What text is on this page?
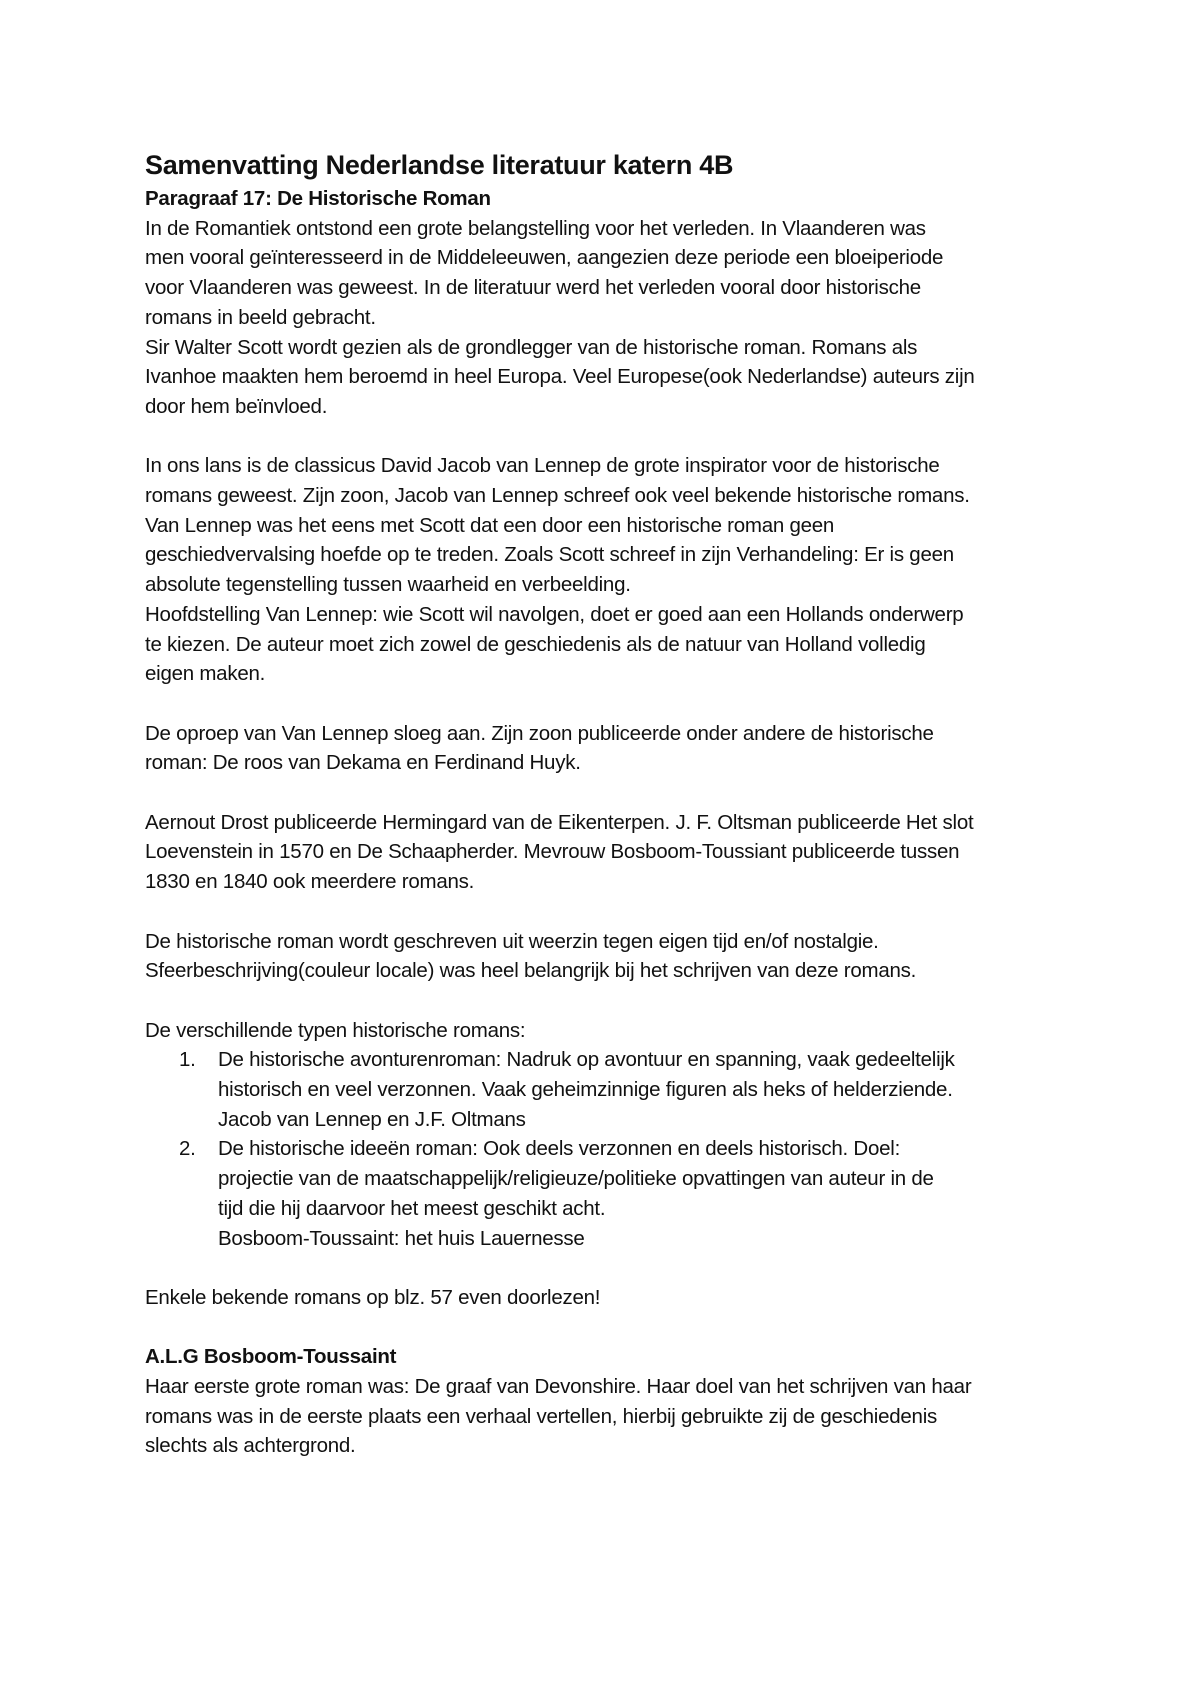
Samenvatting Nederlandse literatuur katern 4B
Paragraaf 17: De Historische Roman
In de Romantiek ontstond een grote belangstelling voor het verleden. In Vlaanderen was
men vooral geïnteresseerd in de Middeleeuwen, aangezien deze periode een bloeiperiode
voor Vlaanderen was geweest. In de literatuur werd het verleden vooral door historische
romans in beeld gebracht.
Sir Walter Scott wordt gezien als de grondlegger van de historische roman. Romans als
Ivanhoe maakten hem beroemd in heel Europa. Veel Europese(ook Nederlandse) auteurs zijn
door hem beïnvloed.
In ons lans is de classicus David Jacob van Lennep de grote inspirator voor de historische
romans geweest. Zijn zoon, Jacob van Lennep schreef ook veel bekende historische romans.
Van Lennep was het eens met Scott dat een door een historische roman geen
geschiedvervalsing hoefde op te treden. Zoals Scott schreef in zijn Verhandeling: Er is geen
absolute tegenstelling tussen waarheid en verbeelding.
Hoofdstelling Van Lennep: wie Scott wil navolgen, doet er goed aan een Hollands onderwerp
te kiezen. De auteur moet zich zowel de geschiedenis als de natuur van Holland volledig
eigen maken.
De oproep van Van Lennep sloeg aan. Zijn zoon publiceerde onder andere de historische
roman: De roos van Dekama en Ferdinand Huyk.
Aernout Drost publiceerde Hermingard van de Eikenterpen. J. F. Oltsman publiceerde Het slot
Loevenstein in 1570 en De Schaapherder. Mevrouw Bosboom-Toussiant publiceerde tussen
1830 en 1840 ook meerdere romans.
De historische roman wordt geschreven uit weerzin tegen eigen tijd en/of nostalgie.
Sfeerbeschrijving(couleur locale) was heel belangrijk bij het schrijven van deze romans.
De verschillende typen historische romans:
1. De historische avonturenroman: Nadruk op avontuur en spanning, vaak gedeeltelijk
historisch en veel verzonnen. Vaak geheimzinnige figuren als heks of helderziende.
Jacob van Lennep en J.F. Oltmans
2. De historische ideeën roman: Ook deels verzonnen en deels historisch. Doel:
projectie van de maatschappelijk/religieuze/politieke opvattingen van auteur in de
tijd die hij daarvoor het meest geschikt acht.
Bosboom-Toussaint: het huis Lauernesse
Enkele bekende romans op blz. 57 even doorlezen!
A.L.G Bosboom-Toussaint
Haar eerste grote roman was: De graaf van Devonshire. Haar doel van het schrijven van haar
romans was in de eerste plaats een verhaal vertellen, hierbij gebruikte zij de geschiedenis
slechts als achtergrond.
